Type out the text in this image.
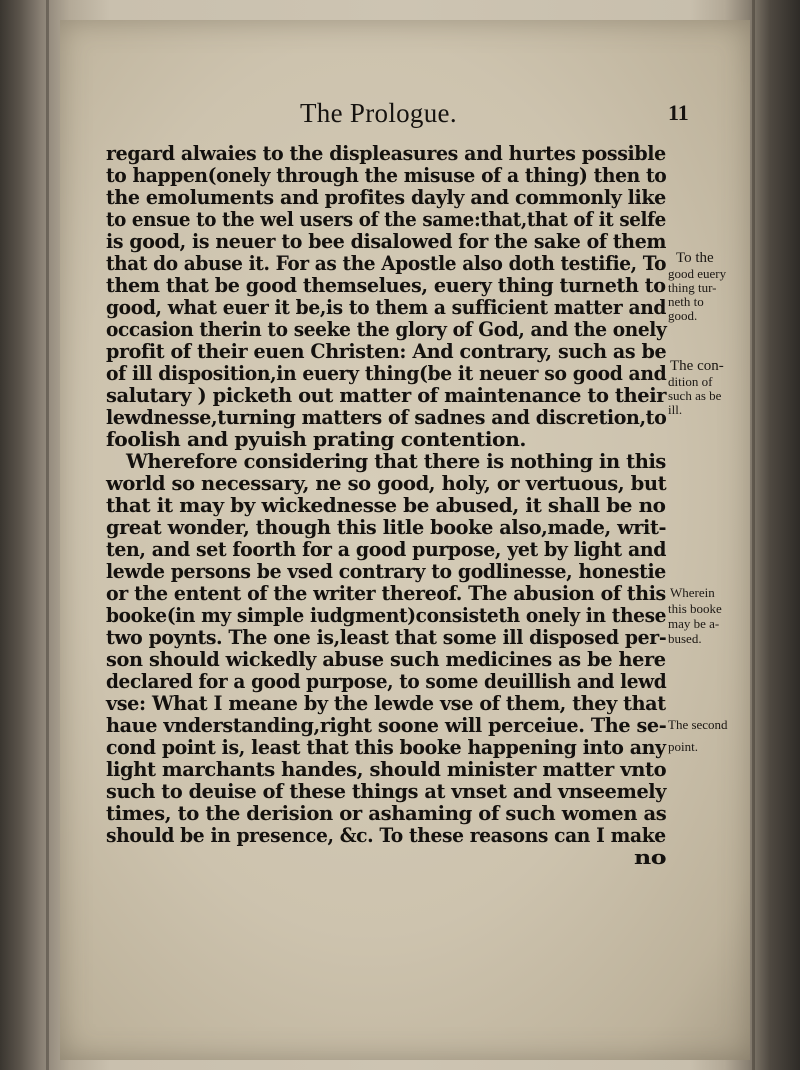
The Prologue.	11
regard alwaies to the displeasures and hurtes possible
to happen(onely through the misuse of a thing) then to
the emoluments and profites dayly and commonly like
to ensue to the wel users of the same:that,that of it selfe
is good, is neuer to bee disalowed for the sake of them
that do abuse it. For as the Apostle also doth testifie, To
them that be good themselues, euery thing turneth to
good, what euer it be,is to them a sufficient matter and
occasion therin to seeke the glory of God, and the onely
profit of their euen Christen: And contrary, such as be
of ill disposition,in euery thing(be it neuer so good and
salutary ) picketh out matter of maintenance to their
lewdnesse,turning matters of sadnes and discretion,to
foolish and pyuish prating contention.
Wherefore considering that there is nothing in this
world so necessary, ne so good, holy, or vertuous, but
that it may by wickednesse be abused, it shall be no
great wonder, though this litle booke also,made, writ-
ten, and set foorth for a good purpose, yet by light and
lewde persons be vsed contrary to godlinesse, honestie
or the entent of the writer thereof. The abusion of this
booke(in my simple iudgment)consisteth onely in these
two poynts. The one is,least that some ill disposed per-
son should wickedly abuse such medicines as be here
declared for a good purpose, to some deuillish and lewd
vse: What I meane by the lewde vse of them, they that
haue vnderstanding,right soone will perceiue. The se-
cond point is, least that this booke happening into any
light marchants handes, should minister matter vnto
such to deuise of these things at vnset and vnseemely
times, to the derision or ashaming of such women as
should be in presence, &c. To these reasons can I make
no
To the
good euery
thing tur-
neth to
good.
The con-
dition of
such as be
ill.
Wherein
this booke
may be a-
bused.
The second
point.
